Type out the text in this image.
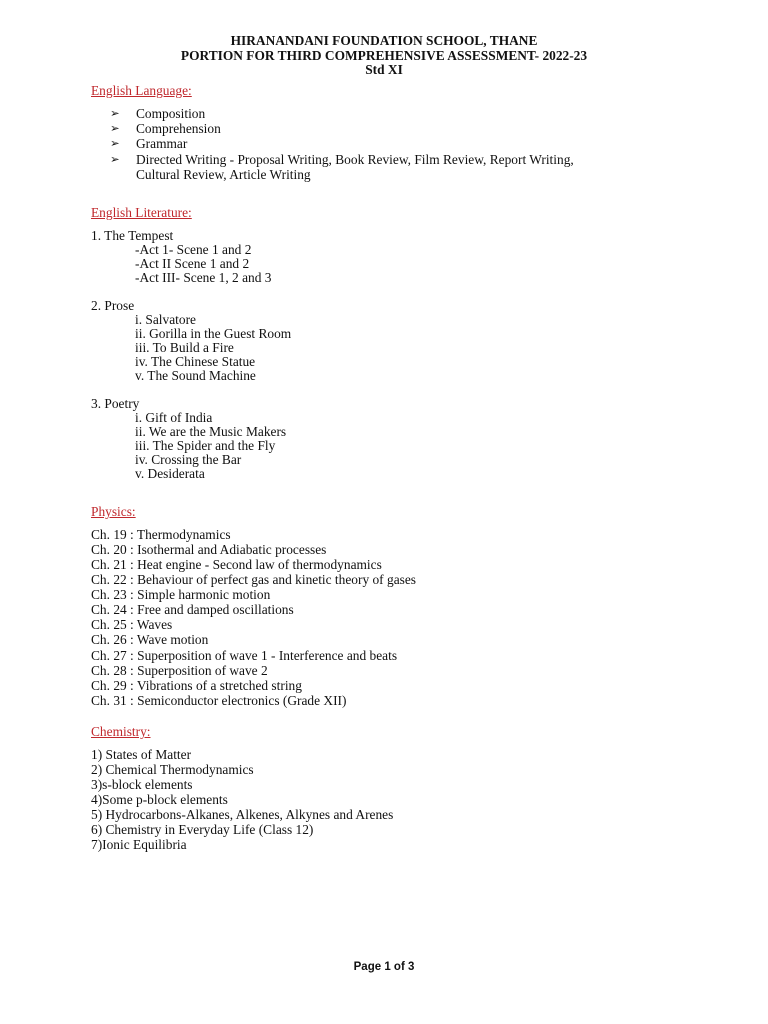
HIRANANDANI FOUNDATION SCHOOL, THANE
PORTION FOR THIRD COMPREHENSIVE ASSESSMENT- 2022-23
Std XI
English Language:
➢ Composition
➢ Comprehension
➢ Grammar
➢ Directed Writing - Proposal Writing, Book Review, Film Review, Report Writing,
Cultural Review, Article Writing
English Literature:
1. The Tempest
-Act 1- Scene 1 and 2
-Act II Scene 1 and 2
-Act III- Scene 1, 2 and 3
2. Prose
i. Salvatore
ii. Gorilla in the Guest Room
iii. To Build a Fire
iv. The Chinese Statue
v. The Sound Machine
3. Poetry
i. Gift of India
ii. We are the Music Makers
iii. The Spider and the Fly
iv. Crossing the Bar
v. Desiderata
Physics:
Ch. 19 : Thermodynamics
Ch. 20 : Isothermal and Adiabatic processes
Ch. 21 : Heat engine - Second law of thermodynamics
Ch. 22 : Behaviour of perfect gas and kinetic theory of gases
Ch. 23 : Simple harmonic motion
Ch. 24 : Free and damped oscillations
Ch. 25 : Waves
Ch. 26 : Wave motion
Ch. 27 : Superposition of wave 1 - Interference and beats
Ch. 28 : Superposition of wave 2
Ch. 29 : Vibrations of a stretched string
Ch. 31 : Semiconductor electronics (Grade XII)
Chemistry:
1) States of Matter
2) Chemical Thermodynamics
3)s-block elements
4)Some p-block elements
5) Hydrocarbons-Alkanes, Alkenes, Alkynes and Arenes
6) Chemistry in Everyday Life (Class 12)
7)Ionic Equilibria
Page 1 of 3
